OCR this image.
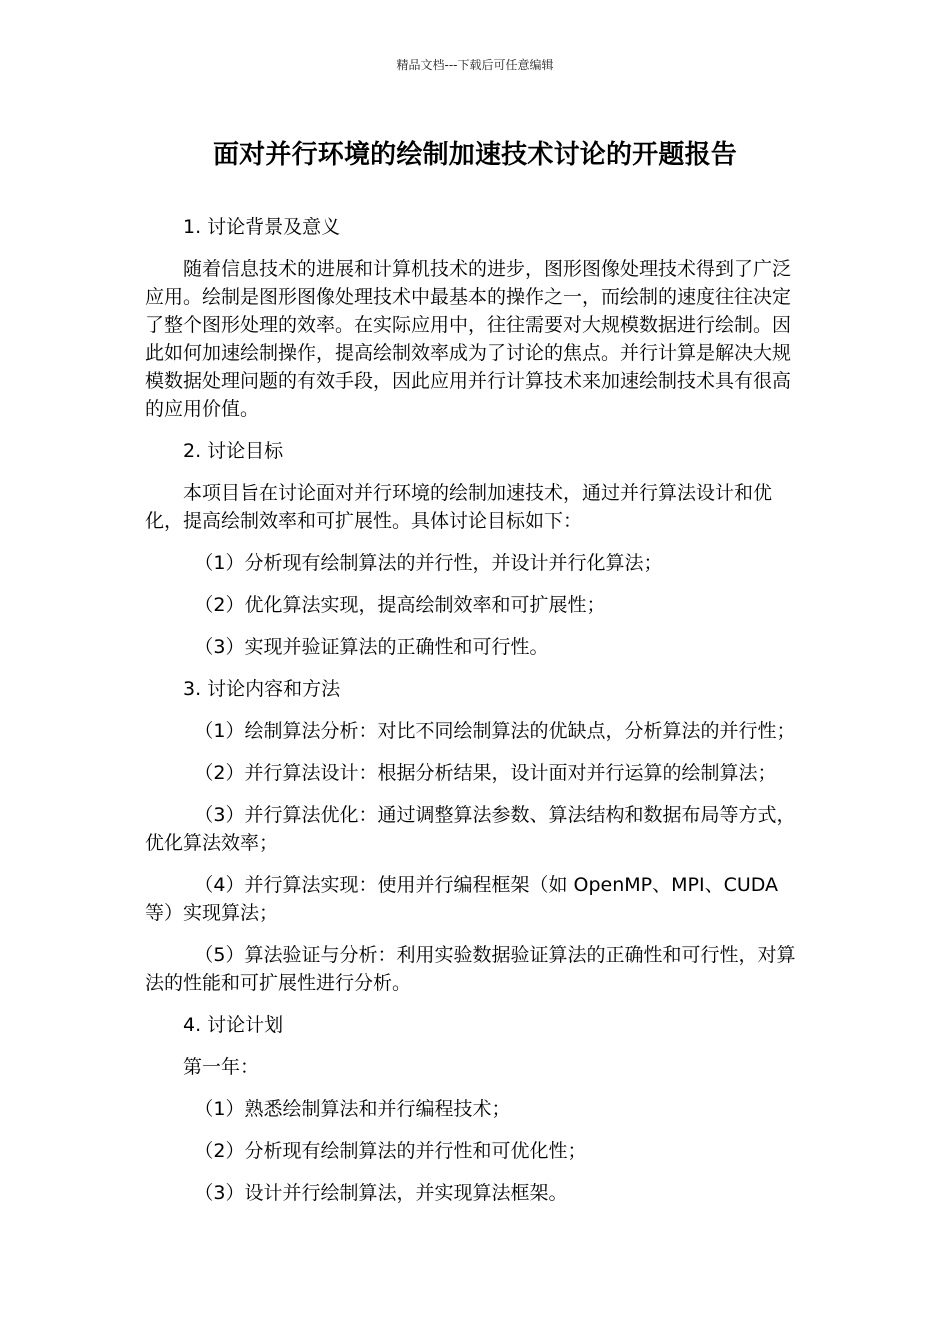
精品文档---下载后可任意编辑
面对并行环境的绘制加速技术讨论的开题报告

1. 讨论背景及意义

随着信息技术的进展和计算机技术的进步，图形图像处理技术得到了广泛应用。绘制是图形图像处理技术中最基本的操作之一，而绘制的速度往往决定了整个图形处理的效率。在实际应用中，往往需要对大规模数据进行绘制。因此如何加速绘制操作，提高绘制效率成为了讨论的焦点。并行计算是解决大规模数据处理问题的有效手段，因此应用并行计算技术来加速绘制技术具有很高的应用价值。

2. 讨论目标

本项目旨在讨论面对并行环境的绘制加速技术，通过并行算法设计和优化，提高绘制效率和可扩展性。具体讨论目标如下：

（1）分析现有绘制算法的并行性，并设计并行化算法；

（2）优化算法实现，提高绘制效率和可扩展性；

（3）实现并验证算法的正确性和可行性。

3. 讨论内容和方法

（1）绘制算法分析：对比不同绘制算法的优缺点，分析算法的并行性；

（2）并行算法设计：根据分析结果，设计面对并行运算的绘制算法；

（3）并行算法优化：通过调整算法参数、算法结构和数据布局等方式，优化算法效率；

（4）并行算法实现：使用并行编程框架（如 OpenMP、MPI、CUDA 等）实现算法；

（5）算法验证与分析：利用实验数据验证算法的正确性和可行性，对算法的性能和可扩展性进行分析。

4. 讨论计划

第一年：

（1）熟悉绘制算法和并行编程技术；

（2）分析现有绘制算法的并行性和可优化性；

（3）设计并行绘制算法，并实现算法框架。
